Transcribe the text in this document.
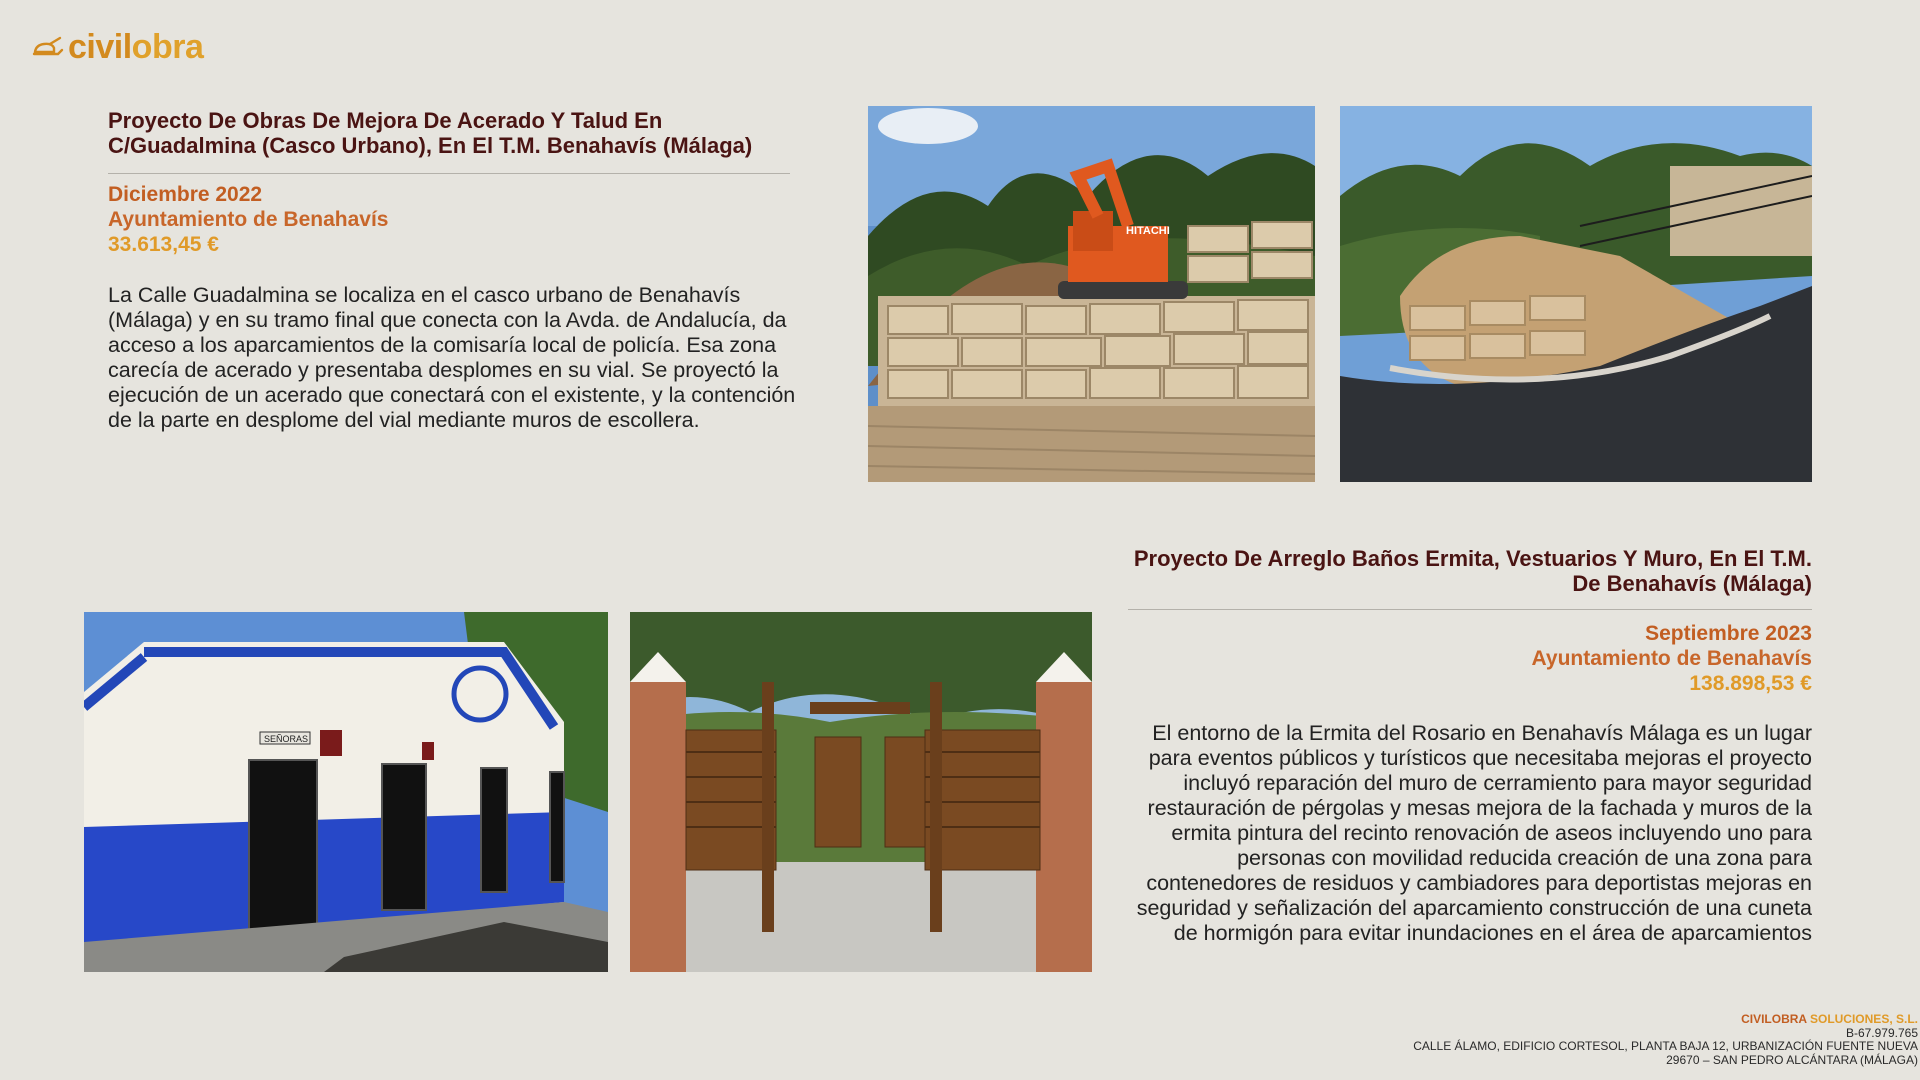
civilobra
Proyecto De Obras De Mejora De Acerado Y Talud En C/Guadalmina (Casco Urbano), En El T.M. Benahavís (Málaga)
Diciembre 2022
Ayuntamiento de Benahavís
33.613,45 €
La Calle Guadalmina se localiza en el casco urbano de Benahavís (Málaga) y en su tramo final que conecta con la Avda. de Andalucía, da acceso a los aparcamientos de la comisaría local de policía. Esa zona carecía de acerado y presentaba desplomes en su vial. Se proyectó la ejecución de un acerado que conectará con el existente, y la contención de la parte en desplome del vial mediante muros de escollera.
HITACHI
Proyecto De Arreglo Baños Ermita, Vestuarios Y Muro, En El T.M. De Benahavís (Málaga)
Septiembre 2023
Ayuntamiento de Benahavís
138.898,53 €
El entorno de la Ermita del Rosario en Benahavís Málaga es un lugar para eventos públicos y turísticos que necesitaba mejoras el proyecto incluyó reparación del muro de cerramiento para mayor seguridad restauración de pérgolas y mesas mejora de la fachada y muros de la ermita pintura del recinto renovación de aseos incluyendo uno para personas con movilidad reducida creación de una zona para contenedores de residuos y cambiadores para deportistas mejoras en seguridad y señalización del aparcamiento construcción de una cuneta de hormigón para evitar inundaciones en el área de aparcamientos
SEÑORAS
CIVILOBRA SOLUCIONES, S.L.
B-67.979.765
CALLE ÁLAMO, EDIFICIO CORTESOL, PLANTA BAJA 12, URBANIZACIÓN FUENTE NUEVA
29670 – SAN PEDRO ALCÁNTARA (MÁLAGA)
